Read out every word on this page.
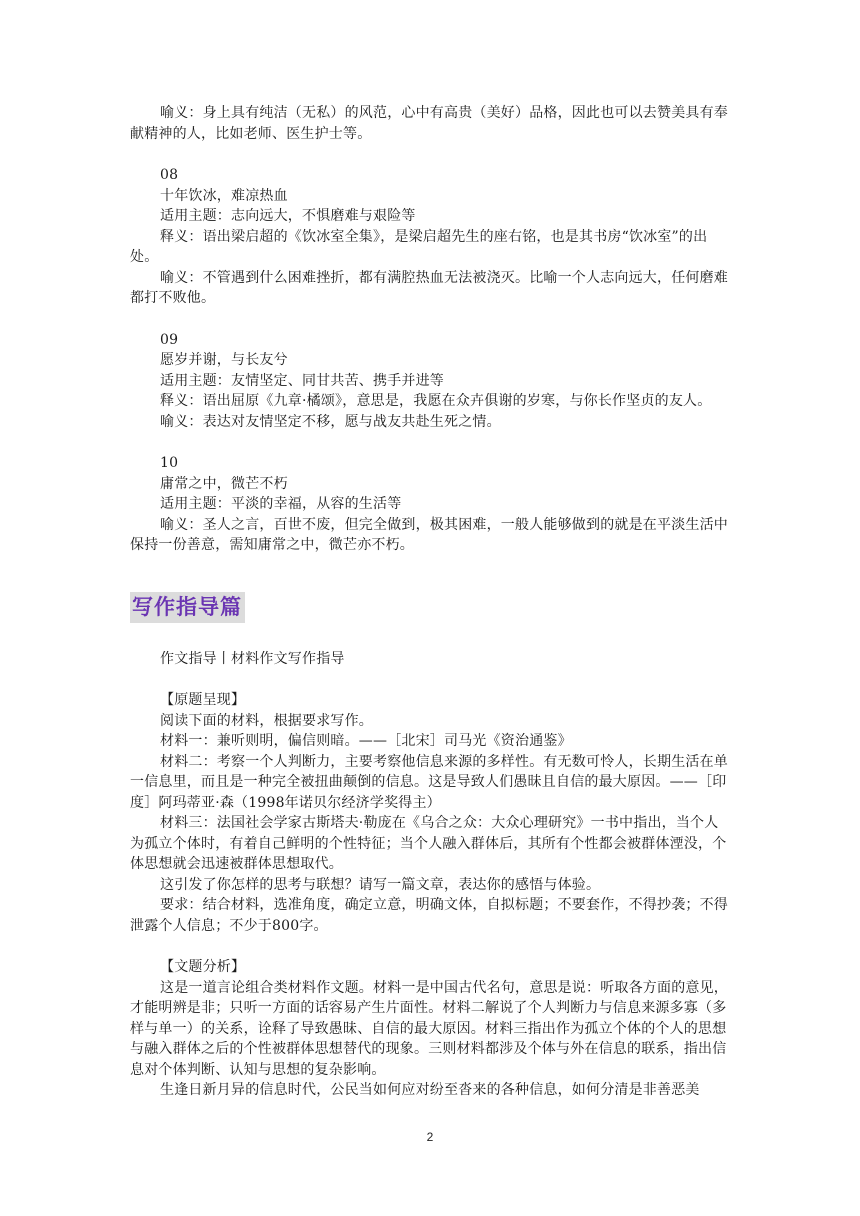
喻义：身上具有纯洁（无私）的风范，心中有高贵（美好）品格，因此也可以去赞美具有奉献精神的人，比如老师、医生护士等。

08

十年饮冰，难凉热血

适用主题：志向远大，不惧磨难与艰险等

释义：语出梁启超的《饮冰室全集》，是梁启超先生的座右铭，也是其书房“饮冰室”的出处。

喻义：不管遇到什么困难挫折，都有满腔热血无法被浇灭。比喻一个人志向远大，任何磨难都打不败他。

09

愿岁并谢，与长友兮

适用主题：友情坚定、同甘共苦、携手并进等

释义：语出屈原《九章·橘颂》，意思是，我愿在众卉俱谢的岁寒，与你长作坚贞的友人。

喻义：表达对友情坚定不移，愿与战友共赴生死之情。

10

庸常之中，微芒不朽

适用主题：平淡的幸福，从容的生活等

喻义：圣人之言，百世不废，但完全做到，极其困难，一般人能够做到的就是在平淡生活中保持一份善意，需知庸常之中，微芒亦不朽。

写作指导篇

作文指导丨材料作文写作指导

【原题呈现】

阅读下面的材料，根据要求写作。

材料一：兼听则明，偏信则暗。——［北宋］司马光《资治通鉴》

材料二：考察一个人判断力，主要考察他信息来源的多样性。有无数可怜人，长期生活在单一信息里，而且是一种完全被扭曲颠倒的信息。这是导致人们愚昧且自信的最大原因。——［印度］阿玛蒂亚·森（1998年诺贝尔经济学奖得主）

材料三：法国社会学家古斯塔夫·勒庞在《乌合之众：大众心理研究》一书中指出，当个人为孤立个体时，有着自己鲜明的个性特征；当个人融入群体后，其所有个性都会被群体湮没，个体思想就会迅速被群体思想取代。

这引发了你怎样的思考与联想？请写一篇文章，表达你的感悟与体验。

要求：结合材料，选准角度，确定立意，明确文体，自拟标题；不要套作，不得抄袭；不得泄露个人信息；不少于800字。

【文题分析】

这是一道言论组合类材料作文题。材料一是中国古代名句，意思是说：听取各方面的意见，才能明辨是非；只听一方面的话容易产生片面性。材料二解说了个人判断力与信息来源多寡（多样与单一）的关系，诠释了导致愚昧、自信的最大原因。材料三指出作为孤立个体的个人的思想与融入群体之后的个性被群体思想替代的现象。三则材料都涉及个体与外在信息的联系，指出信息对个体判断、认知与思想的复杂影响。

生逢日新月异的信息时代，公民当如何应对纷至沓来的各种信息，如何分清是非善恶美

2
